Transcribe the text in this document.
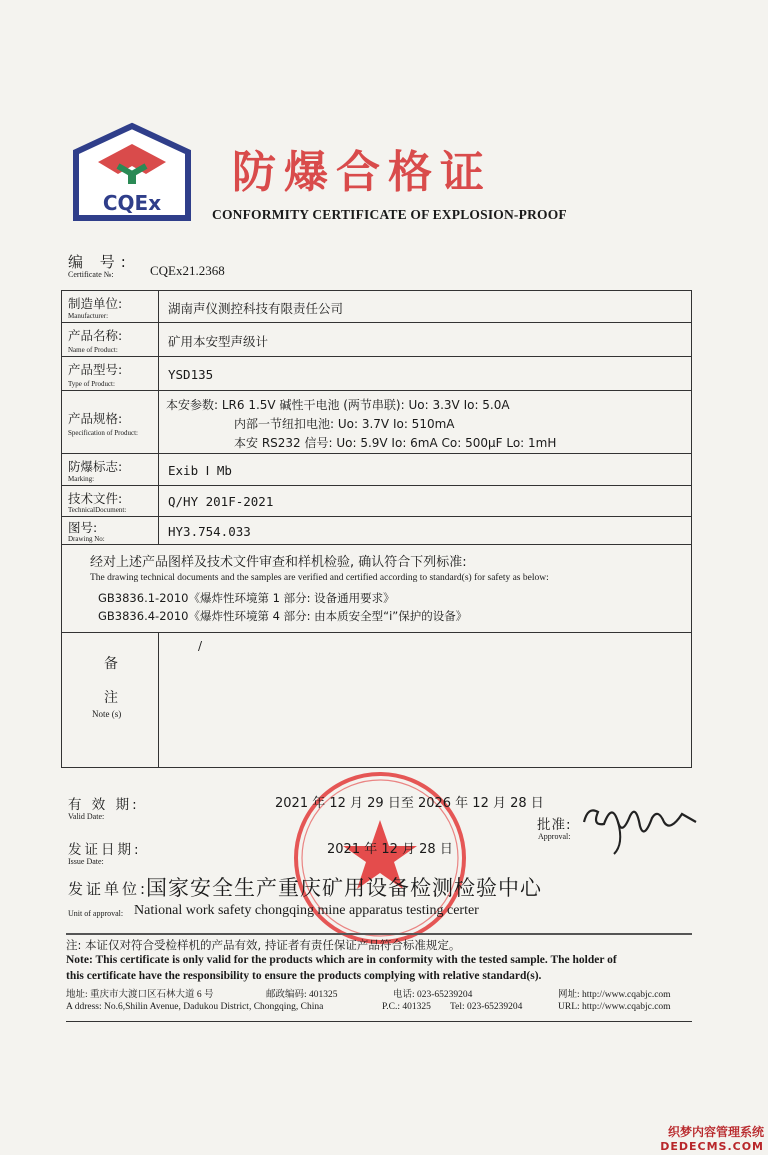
CQEx
防爆合格证
CONFORMITY CERTIFICATE OF EXPLOSION-PROOF
编 号:
Certificate №:	CQEx21.2368
制造单位:
Manufacturer:	湖南声仪测控科技有限责任公司
产品名称:
Name of Product:
矿用本安型声级计
产品型号:
Type of Product:
YSD135
产品规格:
Specification of Product:
本安参数: LR6 1.5V 碱性干电池 (两节串联): Uo: 3.3V Io: 5.0A
内部一节纽扣电池: Uo: 3.7V Io: 510mA
本安 RS232 信号: Uo: 5.9V Io: 6mA Co: 500μF Lo: 1mH
防爆标志:
Marking:
Exib Ⅰ Mb
技术文件:
TechnicalDocument:
Q/HY 201F-2021
图号:
Drawing No:	HY3.754.033
经对上述产品图样及技术文件审查和样机检验, 确认符合下列标准:
The drawing technical documents and the samples are verified and certified according to standard(s) for safety as below:
GB3836.1-2010《爆炸性环境第 1 部分: 设备通用要求》
GB3836.4-2010《爆炸性环境第 4 部分: 由本质安全型“i”保护的设备》
备
注
Note (s)
/
有 效 期:
Valid Date:
2021 年 12 月 29 日至 2026 年 12 月 28 日
批准:
Approval:
发证日期:
Issue Date:
2021 年 12 月 28 日
发证单位:
Unit of approval:
国家安全生产重庆矿用设备检测检验中心
National work safety chongqing mine apparatus testing certer
注: 本证仅对符合受检样机的产品有效, 持证者有责任保证产品符合标准规定。
Note: This certificate is only valid for the products which are in conformity with the tested sample. The holder of
this certificate have the responsibility to ensure the products complying with relative standard(s).
地址: 重庆市大渡口区石林大道 6 号	邮政编码: 401325	电话: 023-65239204	网址: http://www.cqabjc.com
A ddress: No.6,Shilin Avenue, Dadukou District, Chongqing, China	P.C.: 401325 Tel: 023-65239204	URL: http://www.cqabjc.com
织梦内容管理系统
DEDECMS.COM
